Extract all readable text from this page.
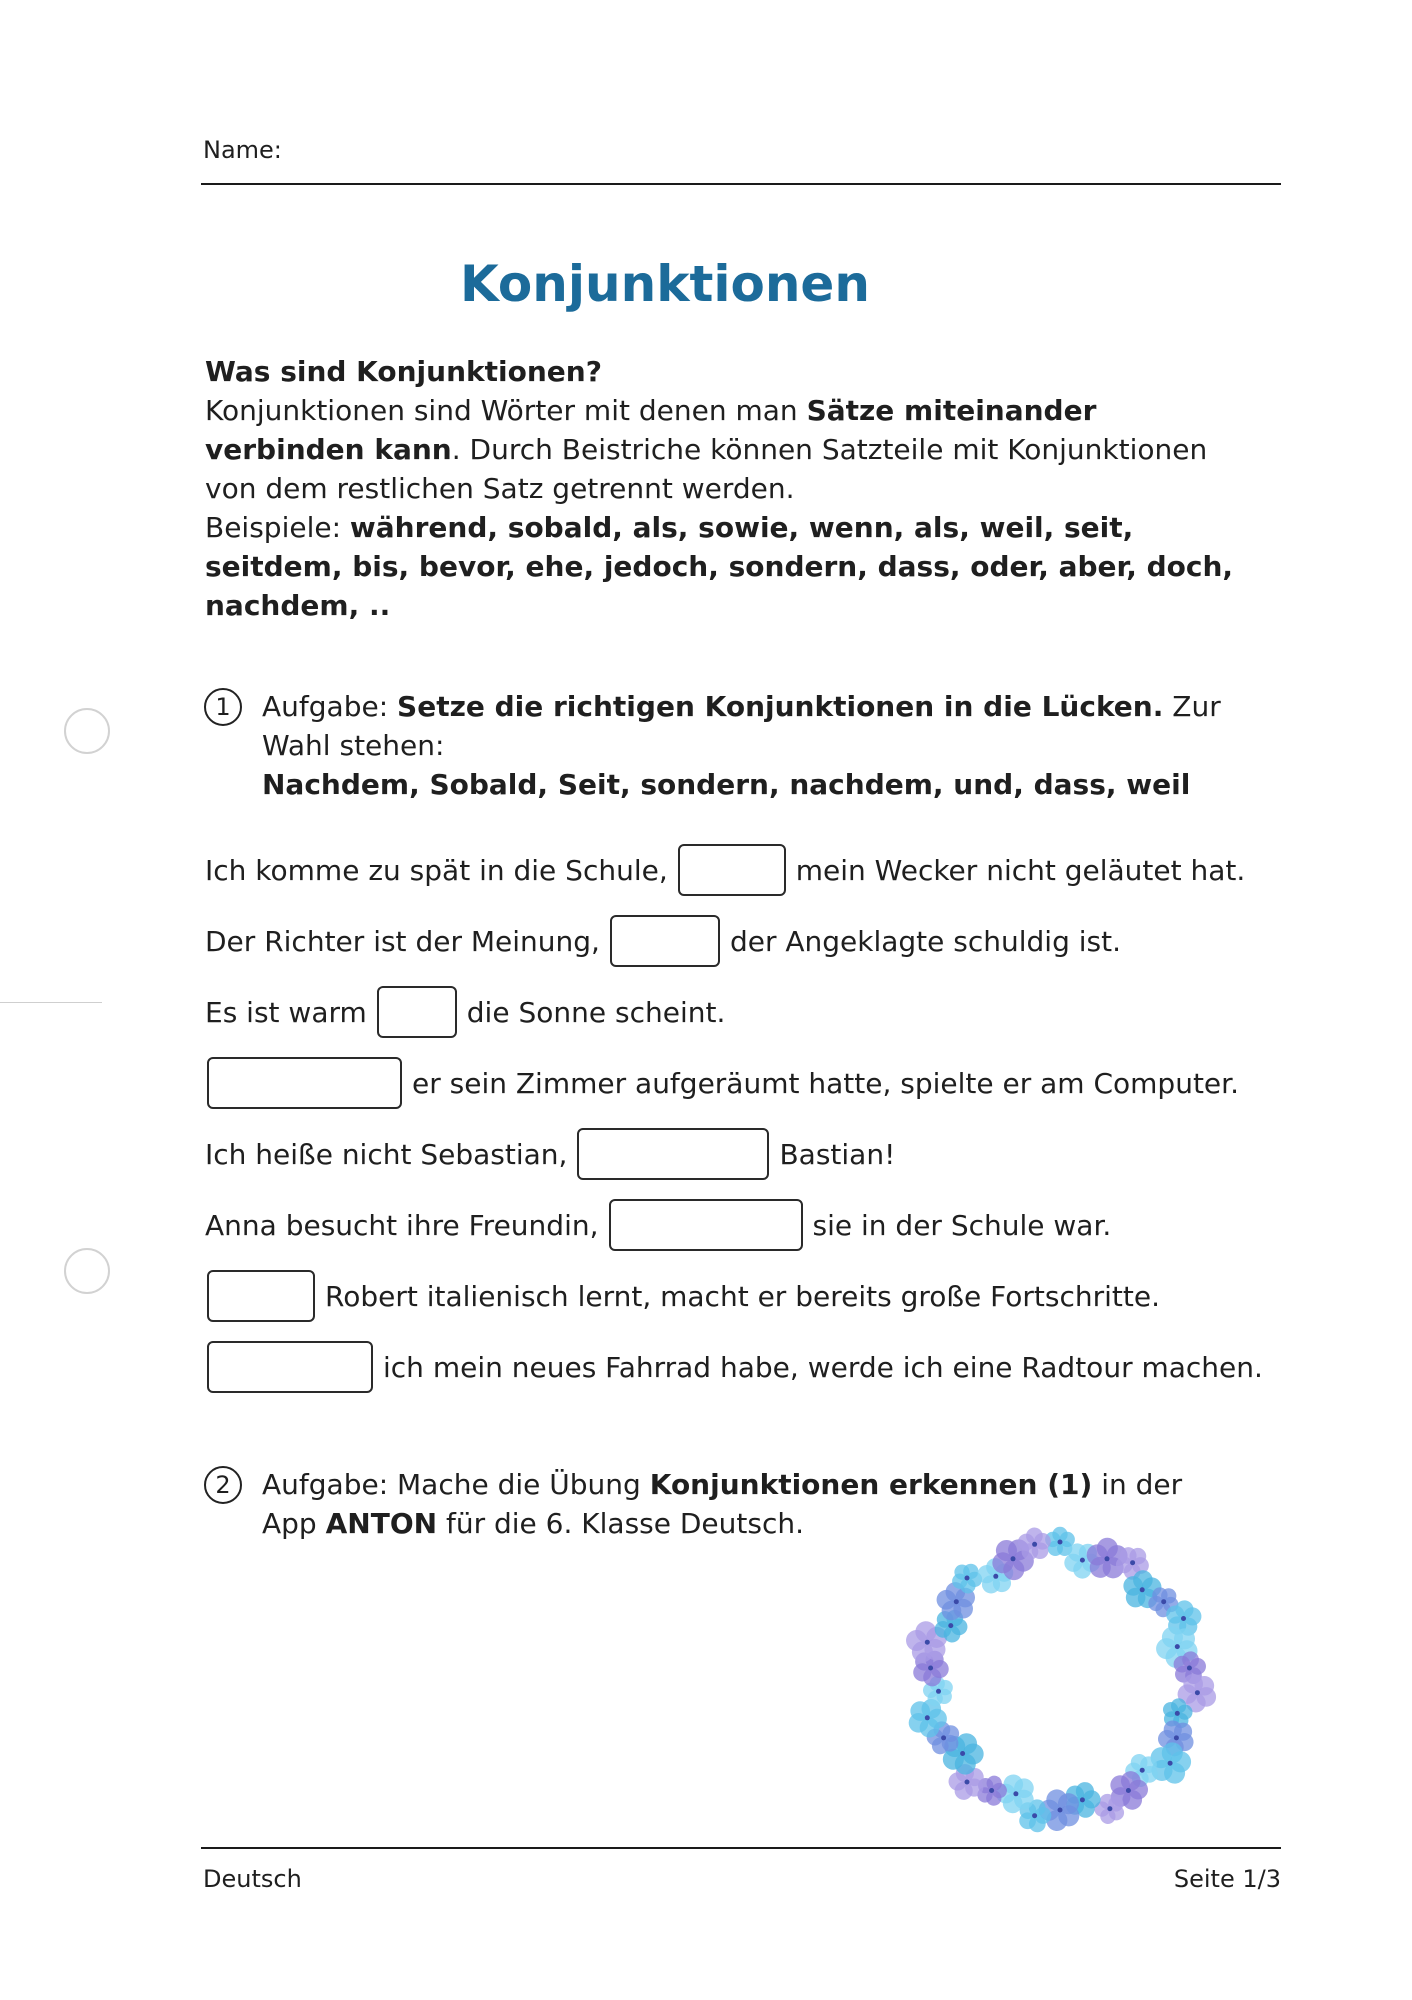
Name:
Konjunktionen
Was sind Konjunktionen?
Konjunktionen sind Wörter mit denen man Sätze miteinander verbinden kann. Durch Beistriche können Satzteile mit Konjunktionen von dem restlichen Satz getrennt werden.
Beispiele: während, sobald, als, sowie, wenn, als, weil, seit, seitdem, bis, bevor, ehe, jedoch, sondern, dass, oder, aber, doch, nachdem, ..
1	Aufgabe: Setze die richtigen Konjunktionen in die Lücken. Zur Wahl stehen:
Nachdem, Sobald, Seit, sondern, nachdem, und, dass, weil
Ich komme zu spät in die Schule,	mein Wecker nicht geläutet hat.
Der Richter ist der Meinung,	der Angeklagte schuldig ist.
Es ist warm	die Sonne scheint.
er sein Zimmer aufgeräumt hatte, spielte er am Computer.
Ich heiße nicht Sebastian,	Bastian!
Anna besucht ihre Freundin,	sie in der Schule war.
Robert italienisch lernt, macht er bereits große Fortschritte.
ich mein neues Fahrrad habe, werde ich eine Radtour machen.
2	Aufgabe: Mache die Übung Konjunktionen erkennen (1) in der App ANTON für die 6. Klasse Deutsch.
Deutsch	Seite 1/3
